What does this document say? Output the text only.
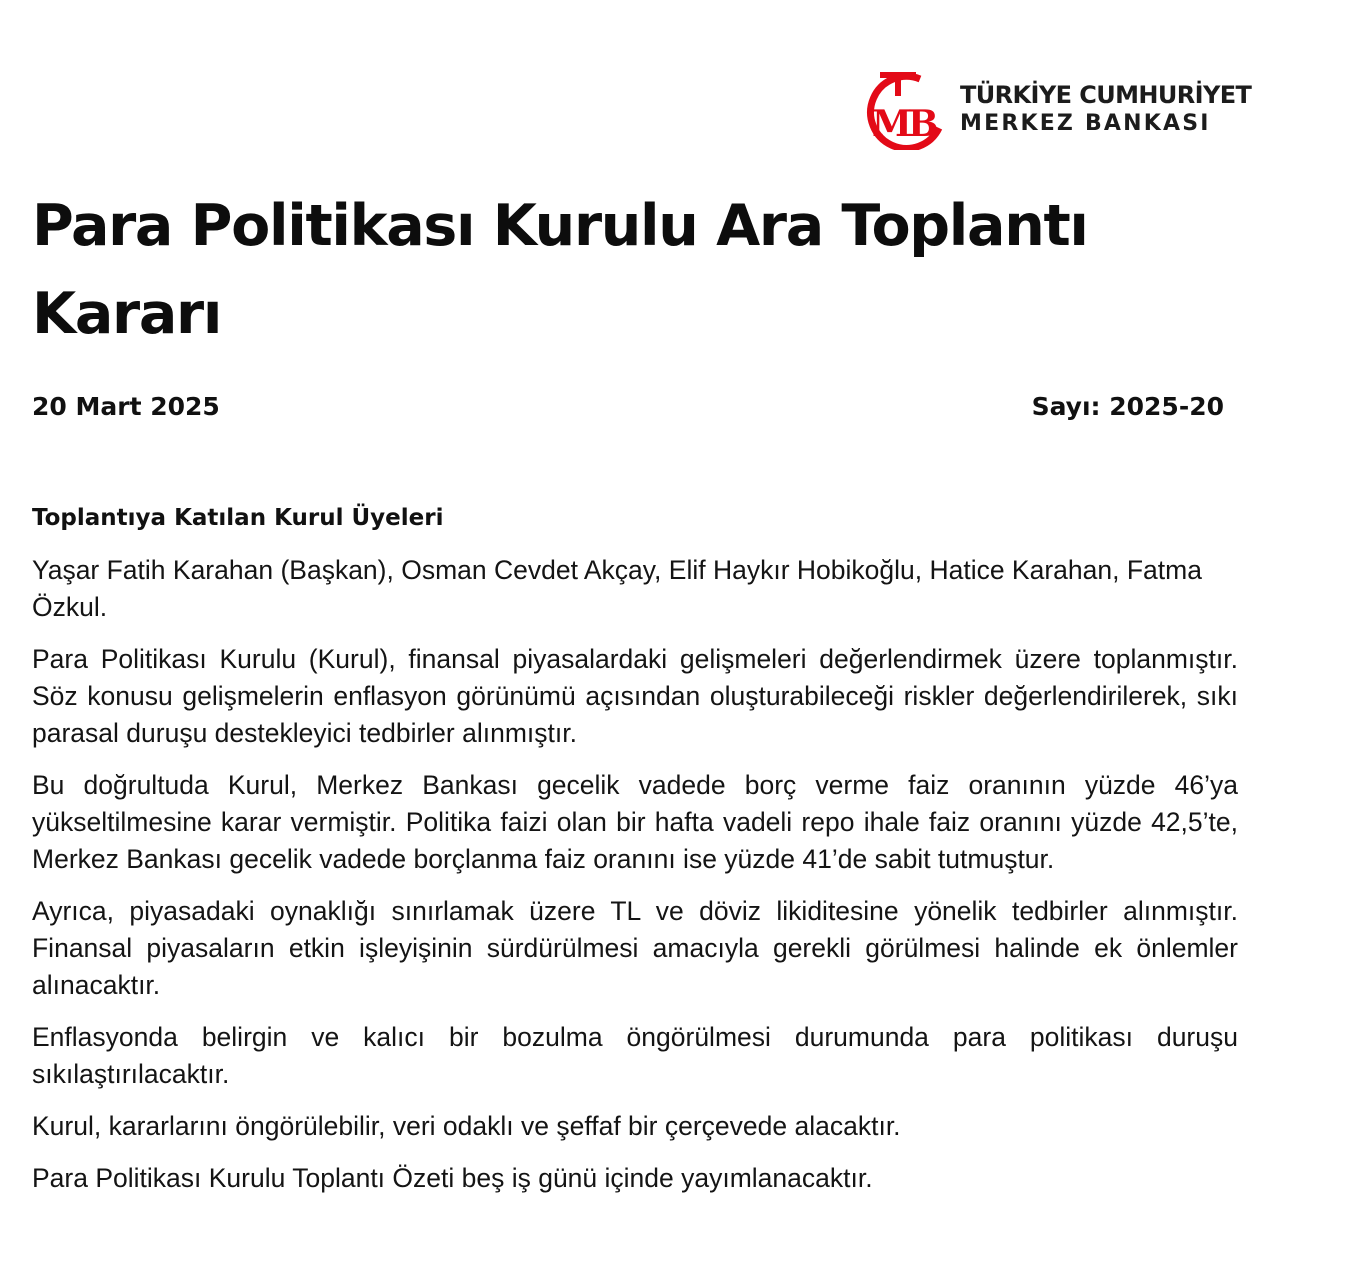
M
B
TÜRKİYE CUMHURİYET
MERKEZ BANKASI
Para Politikası Kurulu Ara Toplantı Kararı
20 Mart 2025	Sayı: 2025-20
Toplantıya Katılan Kurul Üyeleri

Yaşar Fatih Karahan (Başkan), Osman Cevdet Akçay, Elif Haykır Hobikoğlu, Hatice Karahan, Fatma Özkul.

Para Politikası Kurulu (Kurul), finansal piyasalardaki gelişmeleri değerlendirmek üzere toplanmıştır. Söz konusu gelişmelerin enflasyon görünümü açısından oluşturabileceği riskler değerlendirilerek, sıkı parasal duruşu destekleyici tedbirler alınmıştır.

Bu doğrultuda Kurul, Merkez Bankası gecelik vadede borç verme faiz oranının yüzde 46’ya yükseltilmesine karar vermiştir. Politika faizi olan bir hafta vadeli repo ihale faiz oranını yüzde 42,5’te, Merkez Bankası gecelik vadede borçlanma faiz oranını ise yüzde 41’de sabit tutmuştur.

Ayrıca, piyasadaki oynaklığı sınırlamak üzere TL ve döviz likiditesine yönelik tedbirler alınmıştır. Finansal piyasaların etkin işleyişinin sürdürülmesi amacıyla gerekli görülmesi halinde ek önlemler alınacaktır.

Enflasyonda belirgin ve kalıcı bir bozulma öngörülmesi durumunda para politikası duruşu sıkılaştırılacaktır.

Kurul, kararlarını öngörülebilir, veri odaklı ve şeffaf bir çerçevede alacaktır.

Para Politikası Kurulu Toplantı Özeti beş iş günü içinde yayımlanacaktır.
